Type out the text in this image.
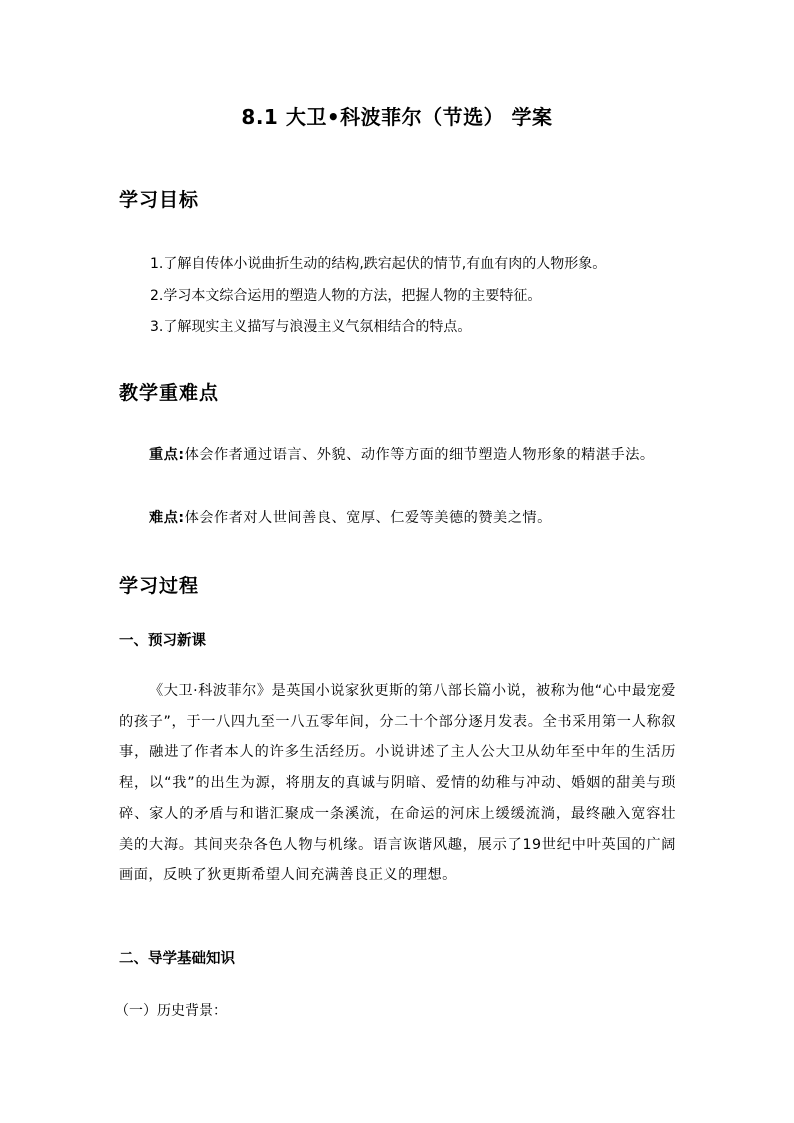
8.1 大卫•科波菲尔（节选） 学案
学习目标
1.了解自传体小说曲折生动的结构,跌宕起伏的情节,有血有肉的人物形象。
2.学习本文综合运用的塑造人物的方法，把握人物的主要特征。
3.了解现实主义描写与浪漫主义气氛相结合的特点。
教学重难点
重点:体会作者通过语言、外貌、动作等方面的细节塑造人物形象的精湛手法。
难点:体会作者对人世间善良、宽厚、仁爱等美德的赞美之情。
学习过程
一、预习新课
《大卫·科波菲尔》是英国小说家狄更斯的第八部长篇小说，被称为他“心中最宠爱的孩子”，于一八四九至一八五零年间，分二十个部分逐月发表。全书采用第一人称叙事，融进了作者本人的许多生活经历。小说讲述了主人公大卫从幼年至中年的生活历程，以“我”的出生为源，将朋友的真诚与阴暗、爱情的幼稚与冲动、婚姻的甜美与琐碎、家人的矛盾与和谐汇聚成一条溪流，在命运的河床上缓缓流淌，最终融入宽容壮美的大海。其间夹杂各色人物与机缘。语言诙谐风趣，展示了19世纪中叶英国的广阔画面，反映了狄更斯希望人间充满善良正义的理想。
二、导学基础知识
（一）历史背景：
